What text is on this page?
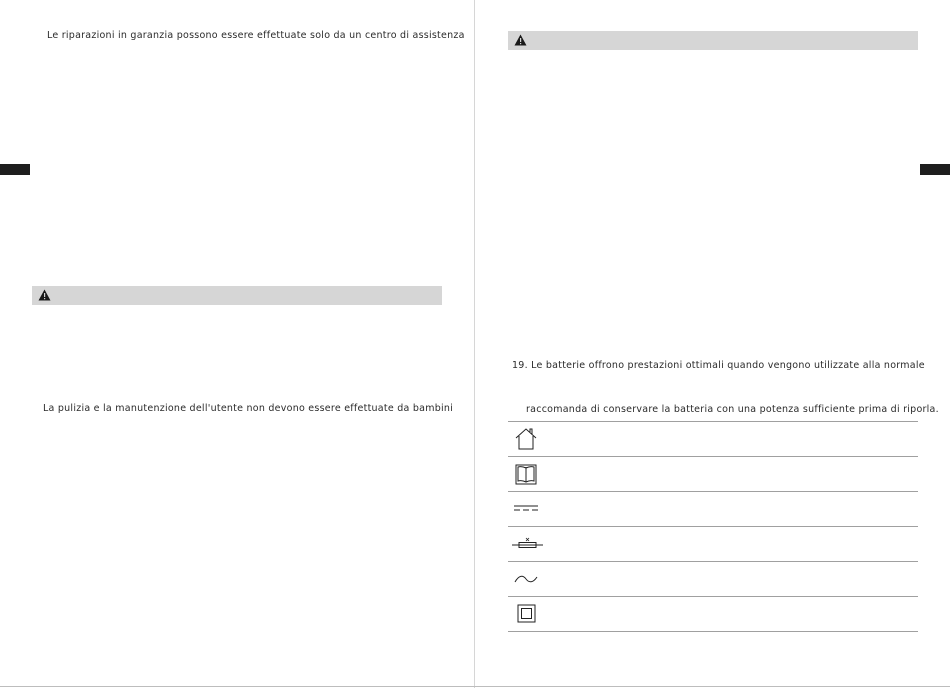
Le riparazioni in garanzia possono essere effettuate solo da un centro di assistenza
La pulizia e la manutenzione dell'utente non devono essere effettuate da bambini
19. Le batterie offrono prestazioni ottimali quando vengono utilizzate alla normale
raccomanda di conservare la batteria con una potenza sufficiente prima di riporla.
